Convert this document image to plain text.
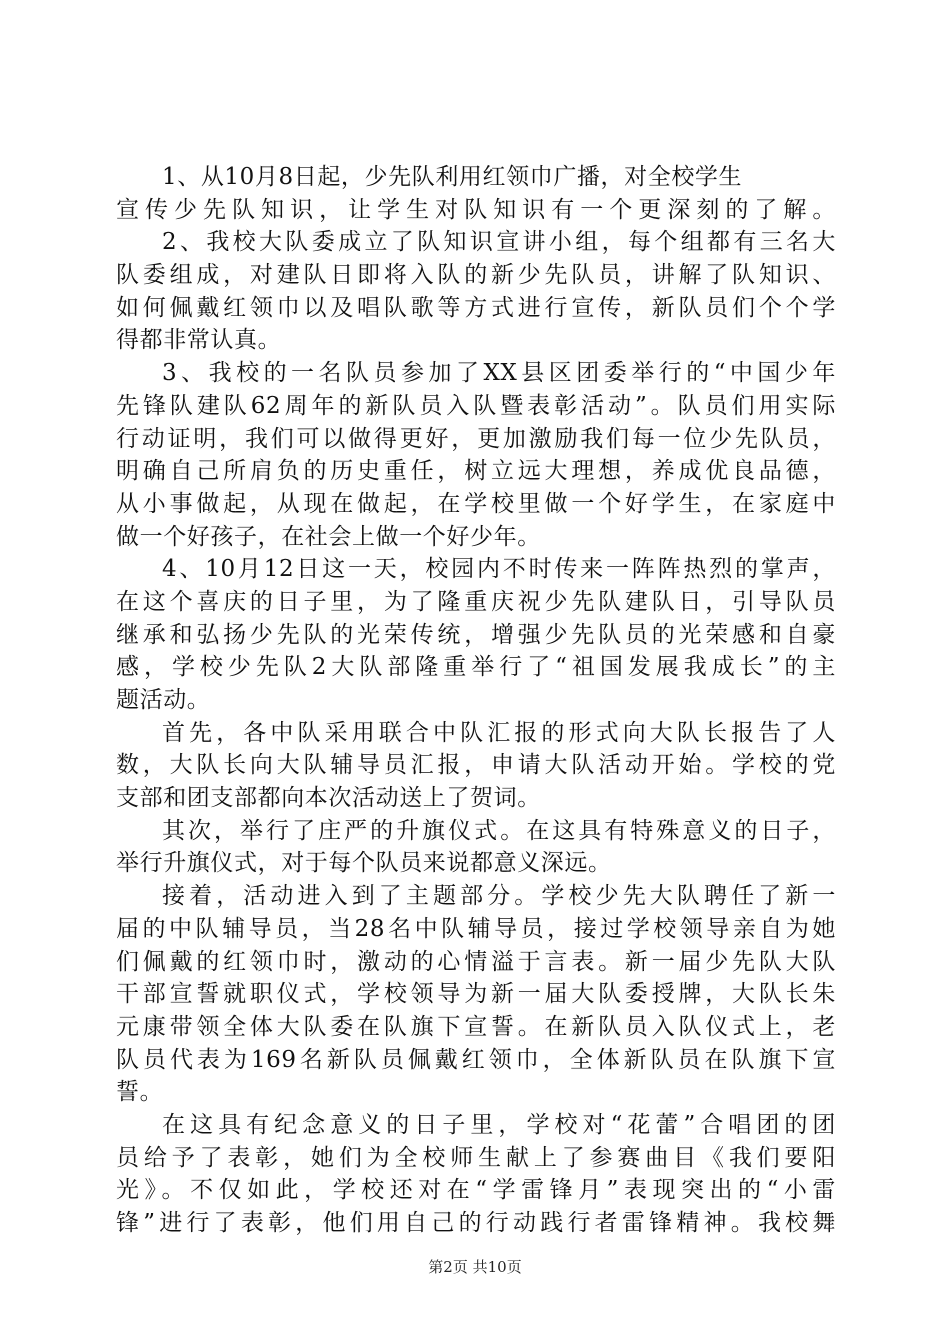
1、从10月8日起，少先队利用红领巾广播，对全校学生
宣传少先队知识，让学生对队知识有一个更深刻的了解。
2、我校大队委成立了队知识宣讲小组，每个组都有三名大
队委组成，对建队日即将入队的新少先队员，讲解了队知识、
如何佩戴红领巾以及唱队歌等方式进行宣传，新队员们个个学
得都非常认真。
3、我校的一名队员参加了XX县区团委举行的“中国少年
先锋队建队62周年的新队员入队暨表彰活动”。队员们用实际
行动证明，我们可以做得更好，更加激励我们每一位少先队员，
明确自己所肩负的历史重任，树立远大理想，养成优良品德，
从小事做起，从现在做起，在学校里做一个好学生，在家庭中
做一个好孩子，在社会上做一个好少年。
4、10月12日这一天，校园内不时传来一阵阵热烈的掌声，
在这个喜庆的日子里，为了隆重庆祝少先队建队日，引导队员
继承和弘扬少先队的光荣传统，增强少先队员的光荣感和自豪
感，学校少先队2大队部隆重举行了“祖国发展我成长”的主
题活动。
首先，各中队采用联合中队汇报的形式向大队长报告了人
数，大队长向大队辅导员汇报，申请大队活动开始。学校的党
支部和团支部都向本次活动送上了贺词。
其次，举行了庄严的升旗仪式。在这具有特殊意义的日子，
举行升旗仪式，对于每个队员来说都意义深远。
接着，活动进入到了主题部分。学校少先大队聘任了新一
届的中队辅导员，当28名中队辅导员，接过学校领导亲自为她
们佩戴的红领巾时，激动的心情溢于言表。新一届少先队大队
干部宣誓就职仪式，学校领导为新一届大队委授牌，大队长朱
元康带领全体大队委在队旗下宣誓。在新队员入队仪式上，老
队员代表为169名新队员佩戴红领巾，全体新队员在队旗下宣
誓。
在这具有纪念意义的日子里，学校对“花蕾”合唱团的团
员给予了表彰，她们为全校师生献上了参赛曲目《我们要阳
光》。不仅如此，学校还对在“学雷锋月”表现突出的“小雷
锋”进行了表彰，他们用自己的行动践行者雷锋精神。我校舞
第2页 共10页
